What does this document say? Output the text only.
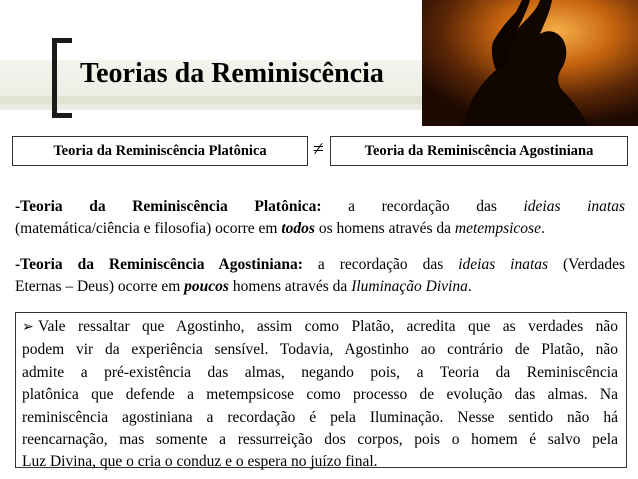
Teorias da Reminiscência
Teoria da Reminiscência Platônica	≠	Teoria da Reminiscência Agostiniana
-Teoria da Reminiscência Platônica: a recordação das ideias inatas
(matemática/ciência e filosofia) ocorre em todos os homens através da metempsicose.
-Teoria da Reminiscência Agostiniana: a recordação das ideias inatas (Verdades
Eternas – Deus) ocorre em poucos homens através da Iluminação Divina.
➢ Vale ressaltar que Agostinho, assim como Platão, acredita que as verdades não
podem vir da experiência sensível. Todavia, Agostinho ao contrário de Platão, não
admite a pré-existência das almas, negando pois, a Teoria da Reminiscência
platônica que defende a metempsicose como processo de evolução das almas. Na
reminiscência agostiniana a recordação é pela Iluminação. Nesse sentido não há
reencarnação, mas somente a ressurreição dos corpos, pois o homem é salvo pela
Luz Divina, que o cria o conduz e o espera no juízo final.
